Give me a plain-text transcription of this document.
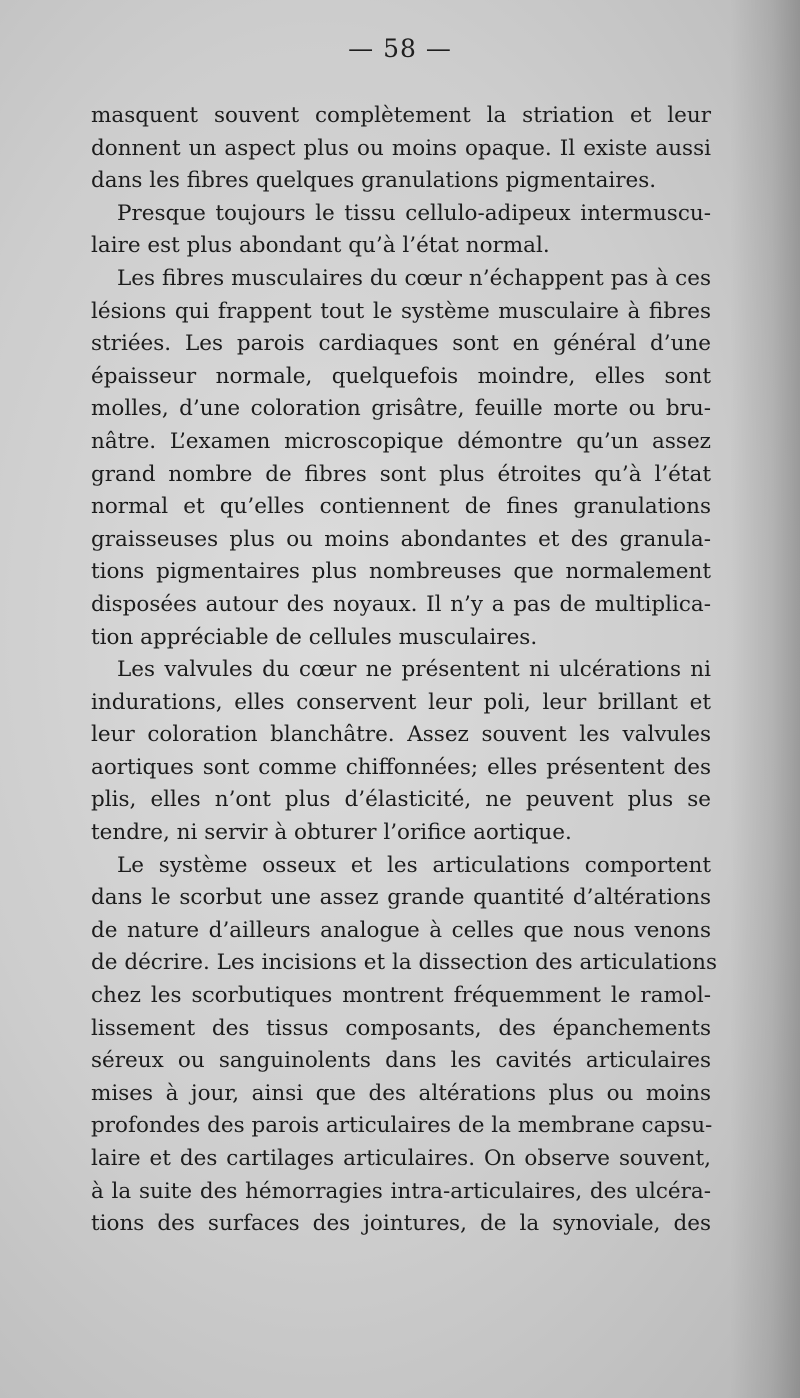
— 58 —
masquent souvent complètement la striation et leur
donnent un aspect plus ou moins opaque. Il existe aussi
dans les fibres quelques granulations pigmentaires.
Presque toujours le tissu cellulo-adipeux intermuscu-
laire est plus abondant qu’à l’état normal.
Les fibres musculaires du cœur n’échappent pas à ces
lésions qui frappent tout le système musculaire à fibres
striées. Les parois cardiaques sont en général d’une
épaisseur normale, quelquefois moindre, elles sont
molles, d’une coloration grisâtre, feuille morte ou bru-
nâtre. L’examen microscopique démontre qu’un assez
grand nombre de fibres sont plus étroites qu’à l’état
normal et qu’elles contiennent de fines granulations
graisseuses plus ou moins abondantes et des granula-
tions pigmentaires plus nombreuses que normalement
disposées autour des noyaux. Il n’y a pas de multiplica-
tion appréciable de cellules musculaires.
Les valvules du cœur ne présentent ni ulcérations ni
indurations, elles conservent leur poli, leur brillant et
leur coloration blanchâtre. Assez souvent les valvules
aortiques sont comme chiffonnées; elles présentent des
plis, elles n’ont plus d’élasticité, ne peuvent plus se
tendre, ni servir à obturer l’orifice aortique.
Le système osseux et les articulations comportent
dans le scorbut une assez grande quantité d’altérations
de nature d’ailleurs analogue à celles que nous venons
de décrire. Les incisions et la dissection des articulations
chez les scorbutiques montrent fréquemment le ramol-
lissement des tissus composants, des épanchements
séreux ou sanguinolents dans les cavités articulaires
mises à jour, ainsi que des altérations plus ou moins
profondes des parois articulaires de la membrane capsu-
laire et des cartilages articulaires. On observe souvent,
à la suite des hémorragies intra-articulaires, des ulcéra-
tions des surfaces des jointures, de la synoviale, des
